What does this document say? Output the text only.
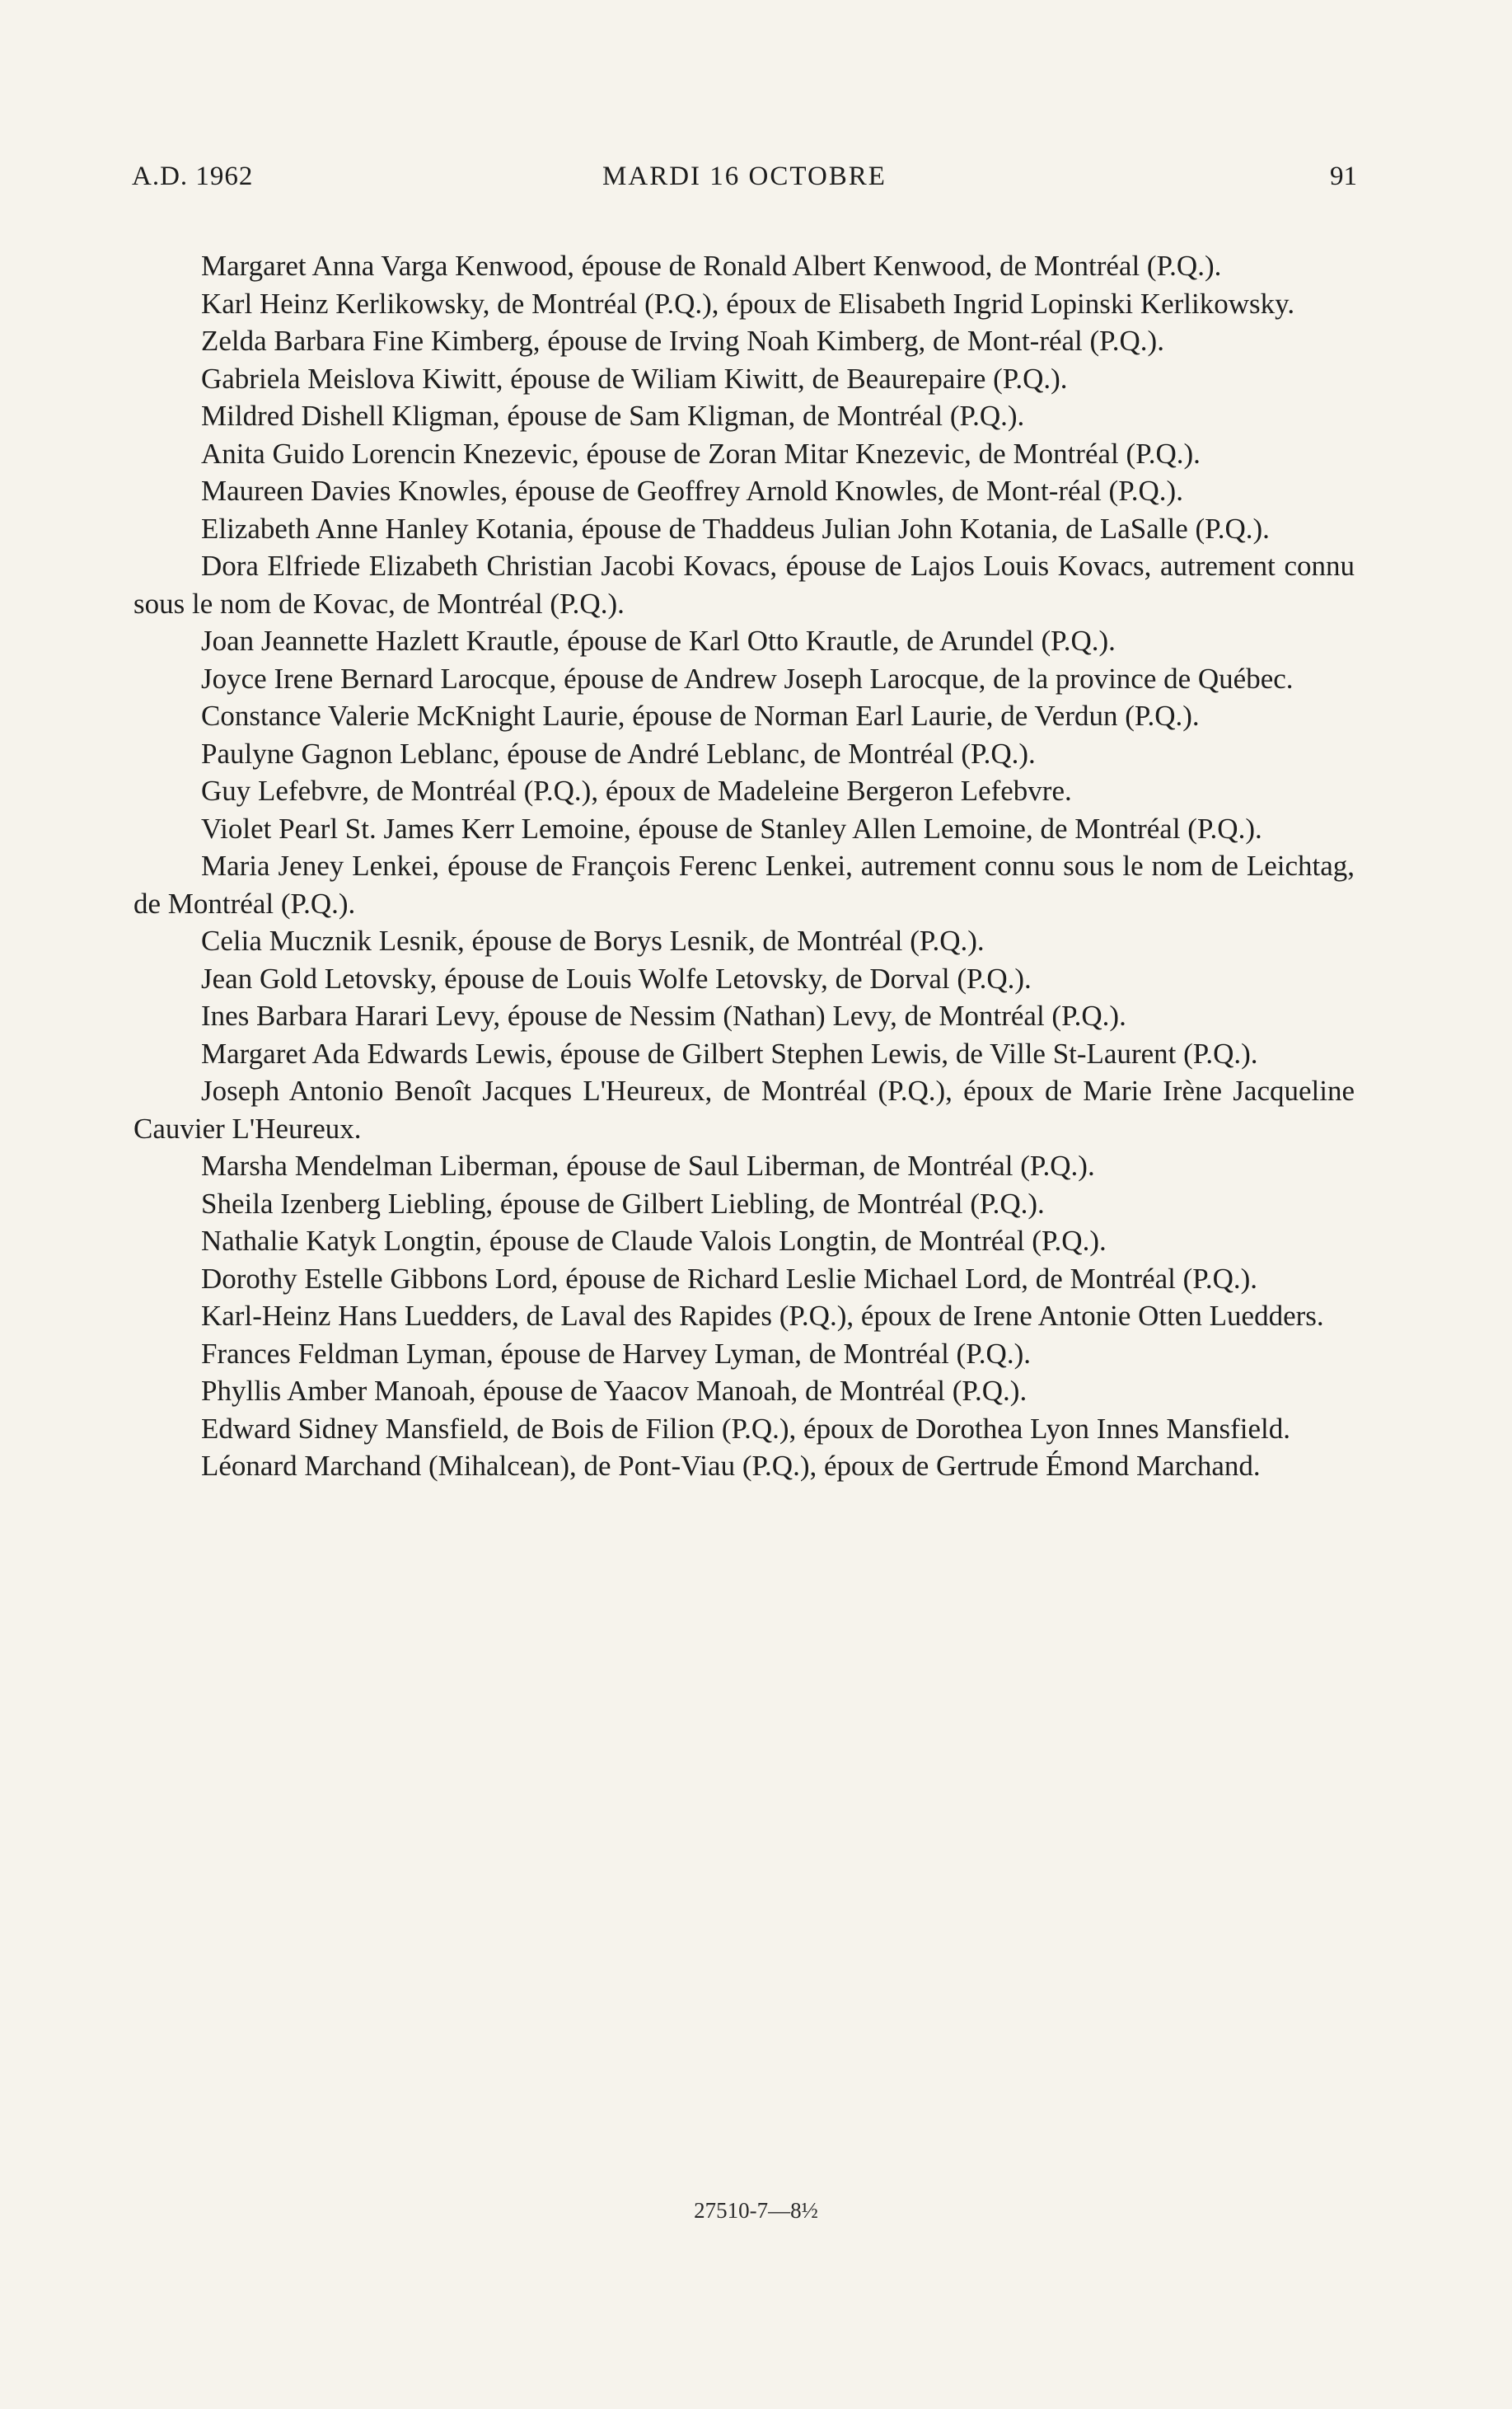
A.D. 1962	MARDI 16 OCTOBRE	91

Margaret Anna Varga Kenwood, épouse de Ronald Albert Kenwood, de Montréal (P.Q.).

Karl Heinz Kerlikowsky, de Montréal (P.Q.), époux de Elisabeth Ingrid Lopinski Kerlikowsky.

Zelda Barbara Fine Kimberg, épouse de Irving Noah Kimberg, de Mont-réal (P.Q.).

Gabriela Meislova Kiwitt, épouse de Wiliam Kiwitt, de Beaurepaire (P.Q.).

Mildred Dishell Kligman, épouse de Sam Kligman, de Montréal (P.Q.).

Anita Guido Lorencin Knezevic, épouse de Zoran Mitar Knezevic, de Montréal (P.Q.).

Maureen Davies Knowles, épouse de Geoffrey Arnold Knowles, de Mont-réal (P.Q.).

Elizabeth Anne Hanley Kotania, épouse de Thaddeus Julian John Kotania, de LaSalle (P.Q.).

Dora Elfriede Elizabeth Christian Jacobi Kovacs, épouse de Lajos Louis Kovacs, autrement connu sous le nom de Kovac, de Montréal (P.Q.).

Joan Jeannette Hazlett Krautle, épouse de Karl Otto Krautle, de Arundel (P.Q.).

Joyce Irene Bernard Larocque, épouse de Andrew Joseph Larocque, de la province de Québec.

Constance Valerie McKnight Laurie, épouse de Norman Earl Laurie, de Verdun (P.Q.).

Paulyne Gagnon Leblanc, épouse de André Leblanc, de Montréal (P.Q.).

Guy Lefebvre, de Montréal (P.Q.), époux de Madeleine Bergeron Lefebvre.

Violet Pearl St. James Kerr Lemoine, épouse de Stanley Allen Lemoine, de Montréal (P.Q.).

Maria Jeney Lenkei, épouse de François Ferenc Lenkei, autrement connu sous le nom de Leichtag, de Montréal (P.Q.).

Celia Mucznik Lesnik, épouse de Borys Lesnik, de Montréal (P.Q.).

Jean Gold Letovsky, épouse de Louis Wolfe Letovsky, de Dorval (P.Q.).

Ines Barbara Harari Levy, épouse de Nessim (Nathan) Levy, de Montréal (P.Q.).

Margaret Ada Edwards Lewis, épouse de Gilbert Stephen Lewis, de Ville St-Laurent (P.Q.).

Joseph Antonio Benoît Jacques L'Heureux, de Montréal (P.Q.), époux de Marie Irène Jacqueline Cauvier L'Heureux.

Marsha Mendelman Liberman, épouse de Saul Liberman, de Montréal (P.Q.).

Sheila Izenberg Liebling, épouse de Gilbert Liebling, de Montréal (P.Q.).

Nathalie Katyk Longtin, épouse de Claude Valois Longtin, de Montréal (P.Q.).

Dorothy Estelle Gibbons Lord, épouse de Richard Leslie Michael Lord, de Montréal (P.Q.).

Karl-Heinz Hans Luedders, de Laval des Rapides (P.Q.), époux de Irene Antonie Otten Luedders.

Frances Feldman Lyman, épouse de Harvey Lyman, de Montréal (P.Q.).

Phyllis Amber Manoah, épouse de Yaacov Manoah, de Montréal (P.Q.).

Edward Sidney Mansfield, de Bois de Filion (P.Q.), époux de Dorothea Lyon Innes Mansfield.

Léonard Marchand (Mihalcean), de Pont-Viau (P.Q.), époux de Gertrude Émond Marchand.

27510-7—8½
